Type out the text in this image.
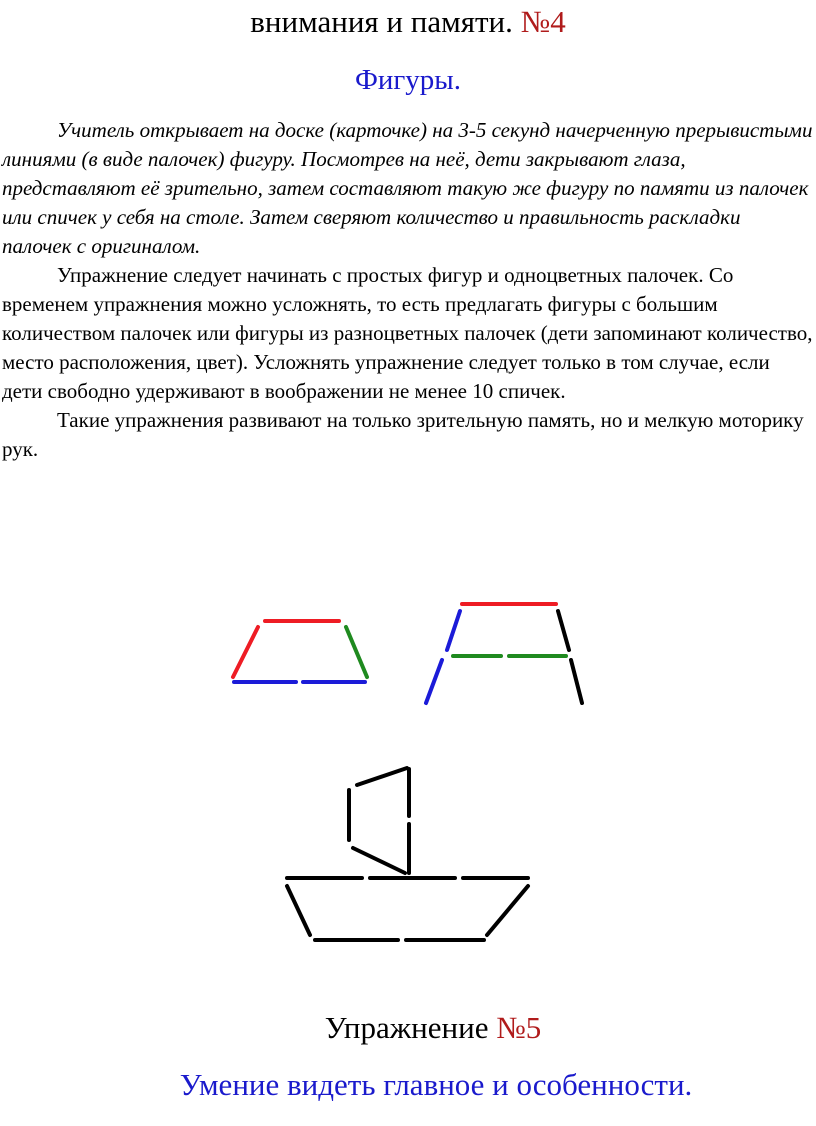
внимания и памяти. №4
Фигуры.

Учитель открывает на доске (карточке) на 3-5 секунд начерченную прерывистыми линиями (в виде палочек) фигуру. Посмотрев на неё, дети закрывают глаза, представляют её зрительно, затем составляют такую же фигуру по памяти из палочек или спичек у себя на столе. Затем сверяют количество и правильность раскладки палочек с оригиналом.

Упражнение следует начинать с простых фигур и одноцветных палочек. Со временем упражнения можно усложнять, то есть предлагать фигуры с большим количеством палочек или фигуры из разноцветных палочек (дети запоминают количество, место расположения, цвет). Усложнять упражнение следует только в том случае, если дети свободно удерживают в воображении не менее 10 спичек.

Такие упражнения развивают на только зрительную память, но и мелкую моторику рук.

Упражнение №5
Умение видеть главное и особенности.
